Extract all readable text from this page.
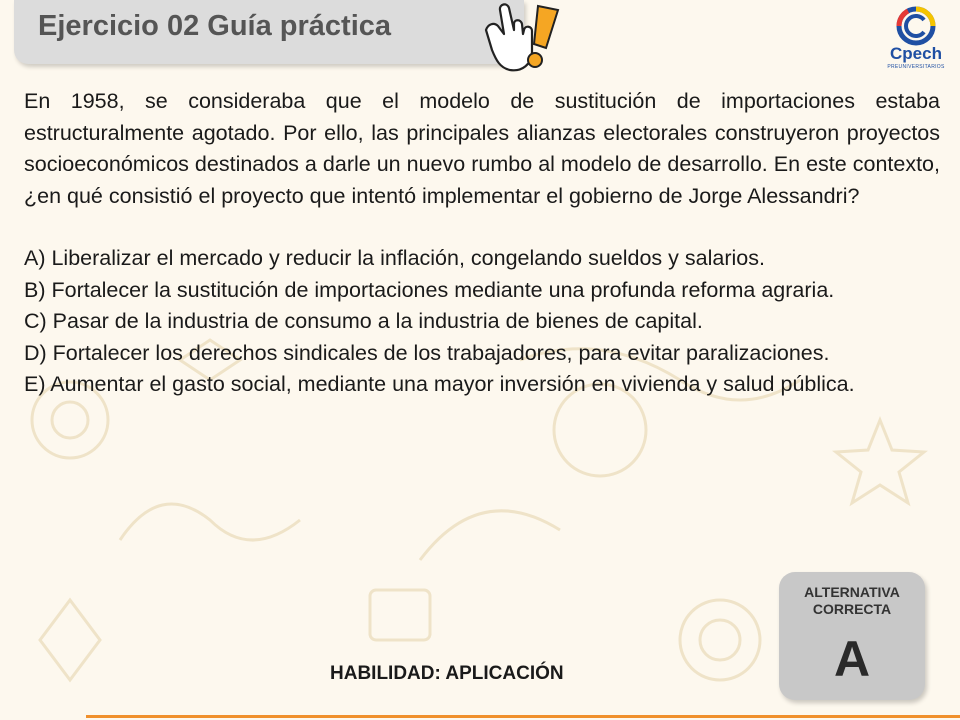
Ejercicio 02 Guía práctica
Cpech
PREUNIVERSITARIOS

En 1958, se consideraba que el modelo de sustitución de importaciones estaba estructuralmente agotado. Por ello, las principales alianzas electorales construyeron proyectos socioeconómicos destinados a darle un nuevo rumbo al modelo de desarrollo. En este contexto, ¿en qué consistió el proyecto que intentó implementar el gobierno de Jorge Alessandri?

A) Liberalizar el mercado y reducir la inflación, congelando sueldos y salarios.

B) Fortalecer la sustitución de importaciones mediante una profunda reforma agraria.

C) Pasar de la industria de consumo a la industria de bienes de capital.

D) Fortalecer los derechos sindicales de los trabajadores, para evitar paralizaciones.

E) Aumentar el gasto social, mediante una mayor inversión en vivienda y salud pública.

ALTERNATIVA
CORRECTA
A
HABILIDAD: APLICACIÓN
